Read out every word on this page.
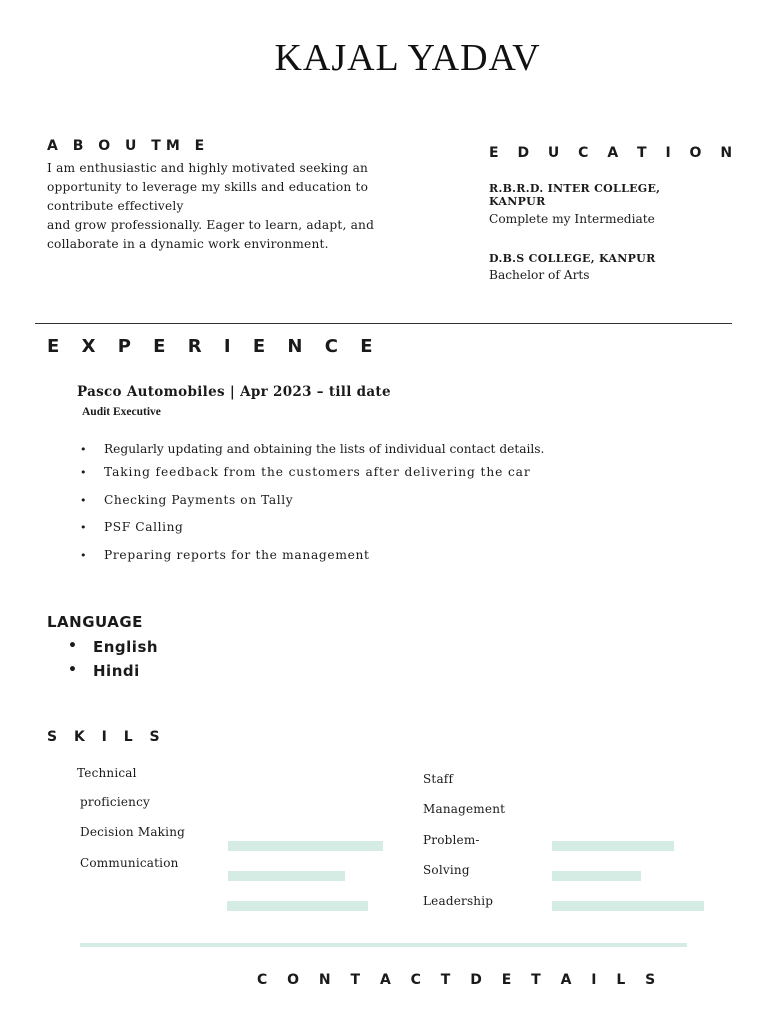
KAJAL YADAV
A B O U TM E
I am enthusiastic and highly motivated seeking an
opportunity to leverage my skills and education to
contribute effectively
and grow professionally. Eager to learn, adapt, and
collaborate in a dynamic work environment.
E D U C A T I O N
R.B.R.D. INTER COLLEGE, KANPUR
Complete my Intermediate
D.B.S COLLEGE, KANPUR
Bachelor of Arts
E X P E R I E N C E
Pasco Automobiles | Apr 2023 – till date
Audit Executive
• Regularly updating and obtaining the lists of individual contact details.
• Taking feedback from the customers after delivering the car
• Checking Payments on Tally
• PSF Calling
• Preparing reports for the management
LANGUAGE
• English
• Hindi
S K I L S
Technical
proficiency
Decision Making
Communication
Staff
Management
Problem-
Solving
Leadership
C O N T A C T D E T A I L S
